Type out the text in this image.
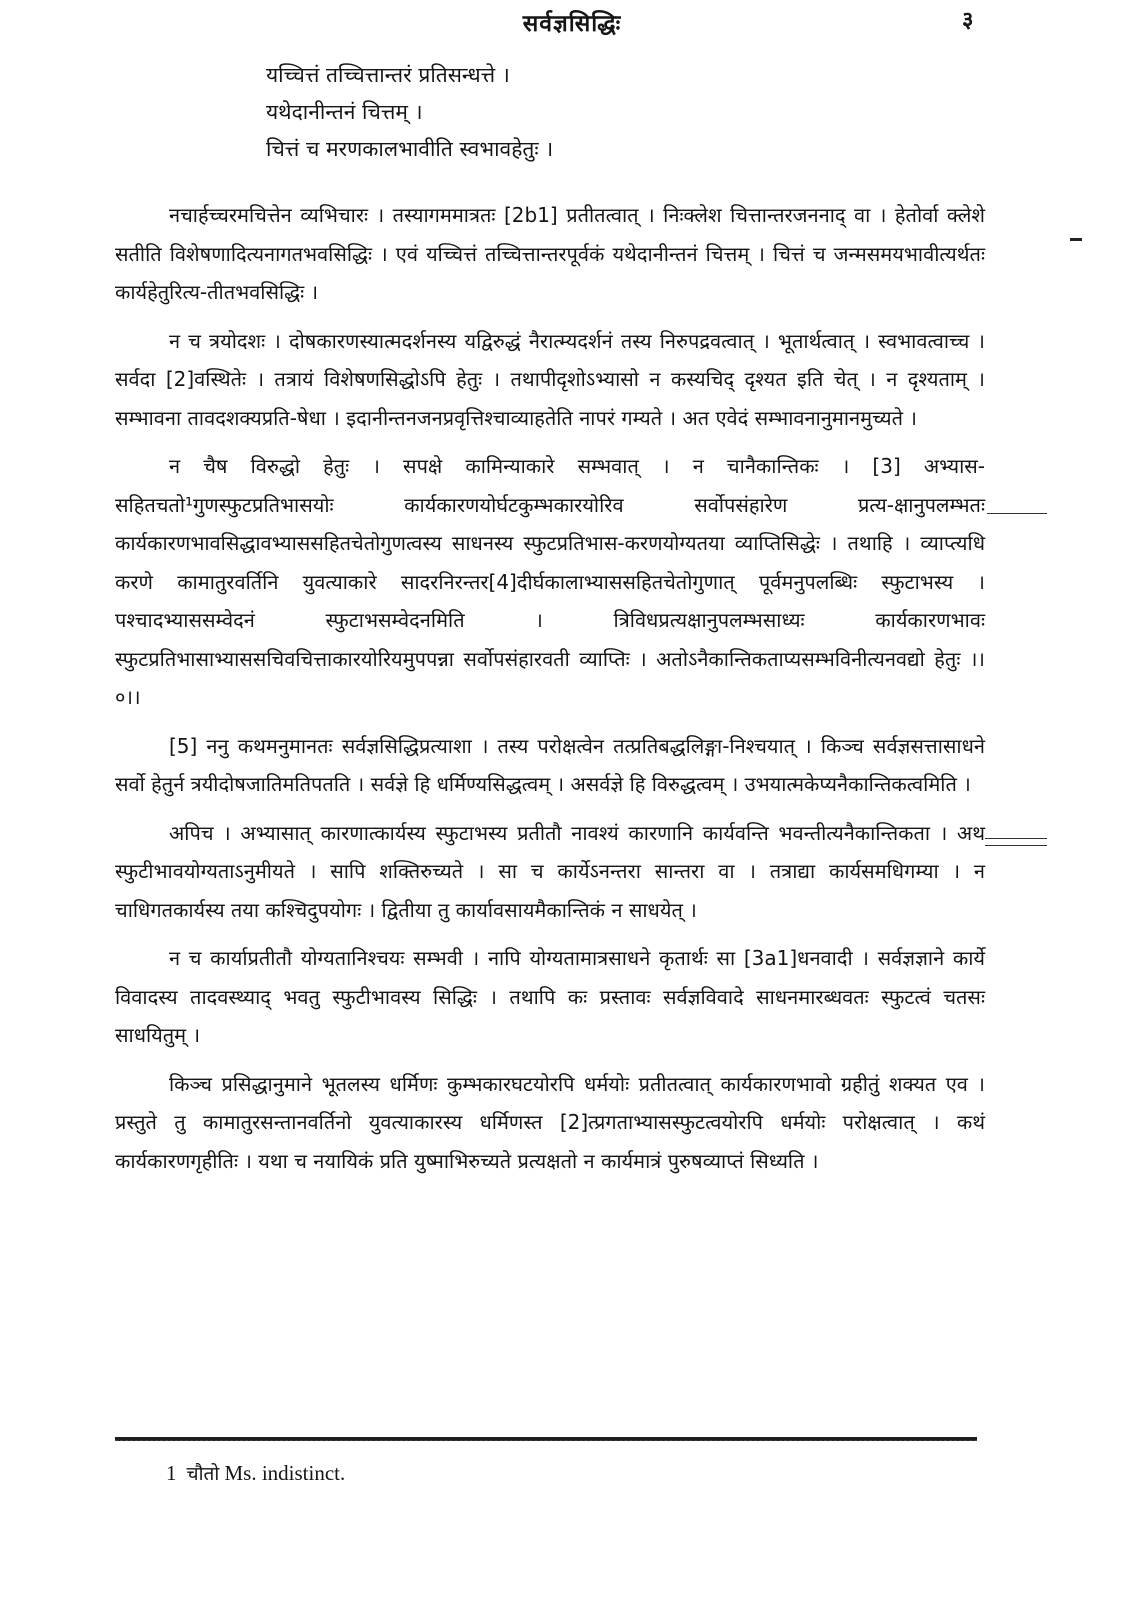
सर्वज्ञसिद्धिः	३
यच्चित्तं तच्चित्तान्तरं प्रतिसन्धत्ते ।
यथेदानीन्तनं चित्तम् ।
चित्तं च मरणकालभावीति स्वभावहेतुः ।

नचार्हच्चरमचित्तेन व्यभिचारः । तस्यागममात्रतः [2b1] प्रतीतत्वात् । निःक्लेश चित्तान्तरजननाद् वा । हेतोर्वा क्लेशे सतीति विशेषणादित्यनागतभवसिद्धिः । एवं यच्चित्तं तच्चित्तान्तरपूर्वकं यथेदानीन्तनं चित्तम् । चित्तं च जन्मसमयभावीत्यर्थतः कार्यहेतुरित्य-तीतभवसिद्धिः ।

न च त्रयोदशः । दोषकारणस्यात्मदर्शनस्य यद्विरुद्धं नैरात्म्यदर्शनं तस्य निरुपद्रवत्वात् । भूतार्थत्वात् । स्वभावत्वाच्च । सर्वदा [2]वस्थितेः । तत्रायं विशेषणसिद्धोऽपि हेतुः । तथापीदृशोऽभ्यासो न कस्यचिद् दृश्यत इति चेत् । न दृश्यताम् । सम्भावना तावदशक्यप्रति-षेधा । इदानीन्तनजनप्रवृत्तिश्चाव्याहतेति नापरं गम्यते । अत एवेदं सम्भावनानुमानमुच्यते ।

न चैष विरुद्धो हेतुः । सपक्षे कामिन्याकारे सम्भवात् । न चानैकान्तिकः । [3] अभ्यास-सहितचतो¹गुणस्फुटप्रतिभासयोः कार्यकारणयोर्घटकुम्भकारयोरिव सर्वोपसंहारेण प्रत्य-क्षानुपलम्भतः कार्यकारणभावसिद्धावभ्याससहितचेतोगुणत्वस्य साधनस्य स्फुटप्रतिभास-करणयोग्यतया व्याप्तिसिद्धेः । तथाहि । व्याप्त्यधि करणे कामातुरवर्तिनि युवत्याकारे सादरनिरन्तर[4]दीर्घकालाभ्याससहितचेतोगुणात् पूर्वमनुपलब्धिः स्फुटाभस्य । पश्चादभ्याससम्वेदनं स्फुटाभसम्वेदनमिति । त्रिविधप्रत्यक्षानुपलम्भसाध्यः कार्यकारणभावः स्फुटप्रतिभासाभ्याससचिवचित्ताकारयोरियमुपपन्ना सर्वोपसंहारवती व्याप्तिः । अतोऽनैकान्तिकताप्यसम्भविनीत्यनवद्यो हेतुः ।।०।।

[5] ननु कथमनुमानतः सर्वज्ञसिद्धिप्रत्याशा । तस्य परोक्षत्वेन तत्प्रतिबद्धलिङ्गा-निश्चयात् । किञ्च सर्वज्ञसत्तासाधने सर्वो हेतुर्न त्रयीदोषजातिमतिपतति । सर्वज्ञे हि धर्मिण्यसिद्धत्वम् । असर्वज्ञे हि विरुद्धत्वम् । उभयात्मकेप्यनैकान्तिकत्वमिति ।

अपिच । अभ्यासात् कारणात्कार्यस्य स्फुटाभस्य प्रतीतौ नावश्यं कारणानि कार्यवन्ति भवन्तीत्यनैकान्तिकता । अथ स्फुटीभावयोग्यताऽनुमीयते । सापि शक्तिरुच्यते । सा च कार्येऽनन्तरा सान्तरा वा । तत्राद्या कार्यसमधिगम्या । न चाधिगतकार्यस्य तया कश्चिदुपयोगः । द्वितीया तु कार्यावसायमैकान्तिकं न साधयेत् ।

न च कार्याप्रतीतौ योग्यतानिश्चयः सम्भवी । नापि योग्यतामात्रसाधने कृतार्थः सा [3a1]धनवादी । सर्वज्ञज्ञाने कार्ये विवादस्य तादवस्थ्याद् भवतु स्फुटीभावस्य सिद्धिः । तथापि कः प्रस्तावः सर्वज्ञविवादे साधनमारब्धवतः स्फुटत्वं चतसः साधयितुम् ।

किञ्च प्रसिद्धानुमाने भूतलस्य धर्मिणः कुम्भकारघटयोरपि धर्मयोः प्रतीतत्वात् कार्यकारणभावो ग्रहीतुं शक्यत एव । प्रस्तुते तु कामातुरसन्तानवर्तिनो युवत्याकारस्य धर्मिणस्त [2]त्प्रगताभ्यासस्फुटत्वयोरपि धर्मयोः परोक्षत्वात् । कथं कार्यकारणगृहीतिः । यथा च नयायिकं प्रति युष्माभिरुच्यते प्रत्यक्षतो न कार्यमात्रं पुरुषव्याप्तं सिध्यति ।

1 चौतो Ms. indistinct.
